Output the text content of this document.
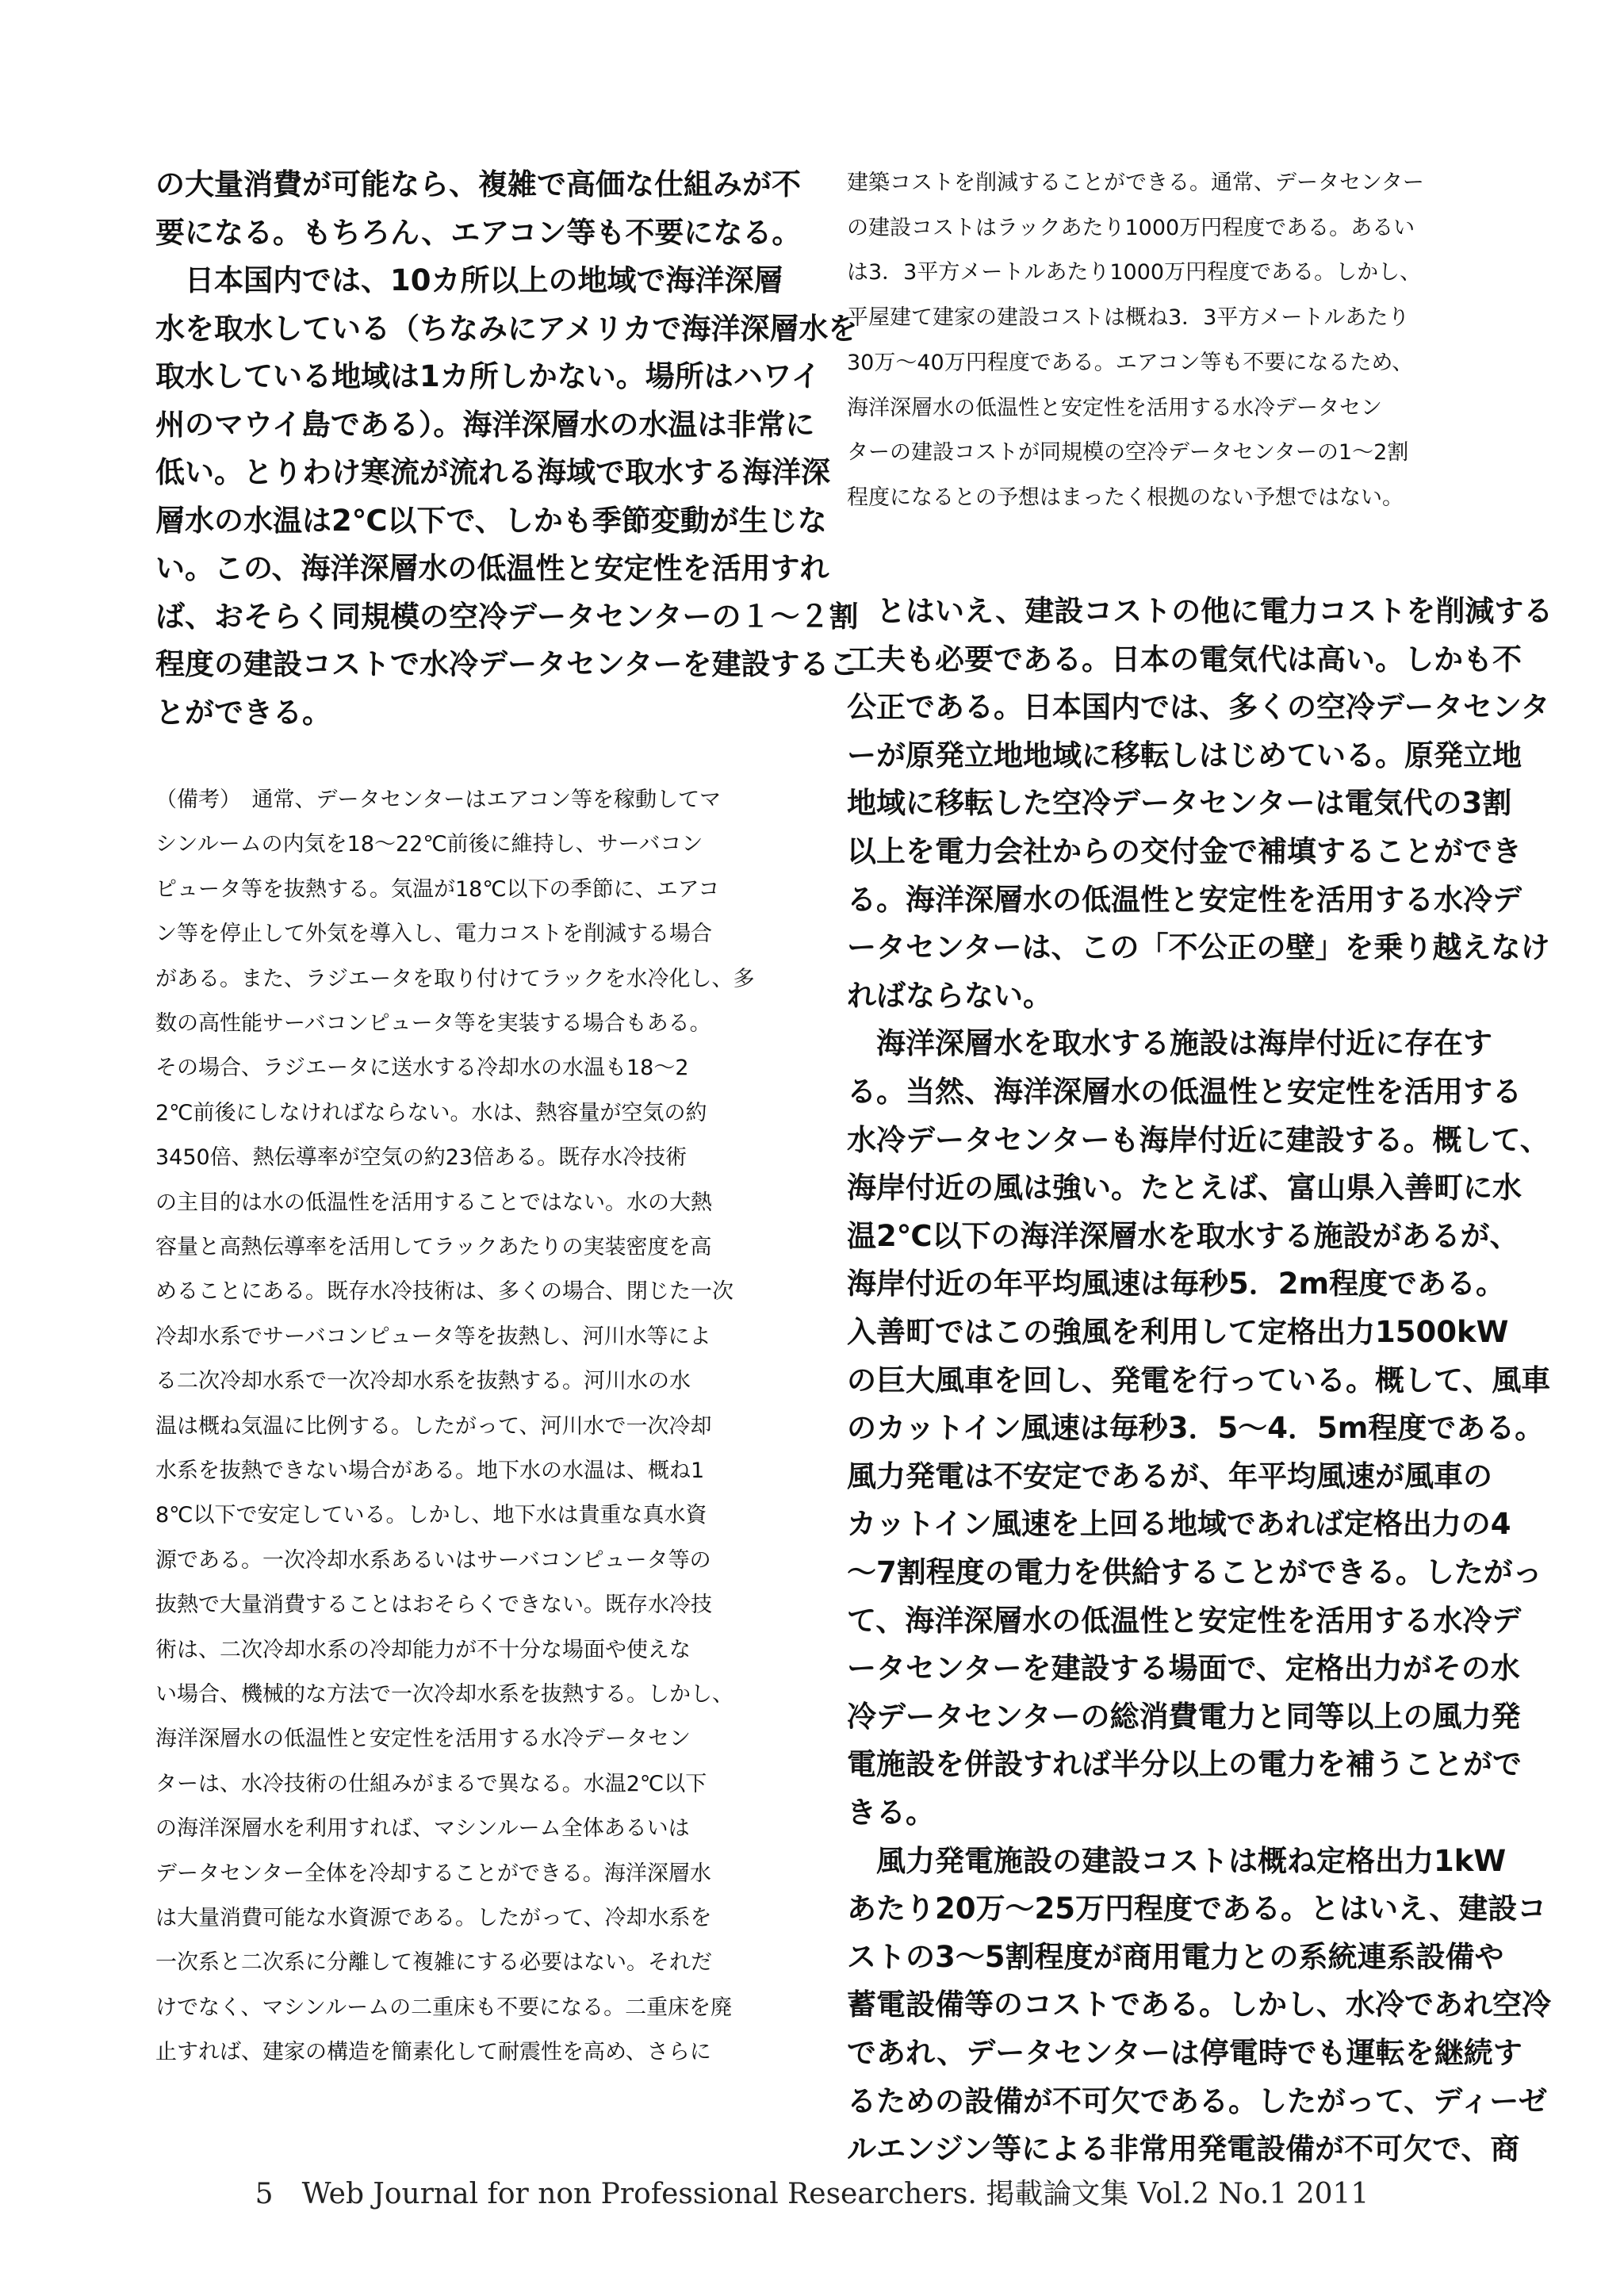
の大量消費が可能なら、複雑で高価な仕組みが不
要になる。もちろん、エアコン等も不要になる。
　日本国内では、10カ所以上の地域で海洋深層
水を取水している（ちなみにアメリカで海洋深層水を
取水している地域は1カ所しかない。場所はハワイ
州のマウイ島である）。海洋深層水の水温は非常に
低い。とりわけ寒流が流れる海域で取水する海洋深
層水の水温は2℃以下で、しかも季節変動が生じな
い。この、海洋深層水の低温性と安定性を活用すれ
ば、おそらく同規模の空冷データセンターの１～２割
程度の建設コストで水冷データセンターを建設するこ
とができる。
（備考）　通常、データセンターはエアコン等を稼動してマ
シンルームの内気を18～22℃前後に維持し、サーバコン
ピュータ等を抜熱する。気温が18℃以下の季節に、エアコ
ン等を停止して外気を導入し、電力コストを削減する場合
がある。また、ラジエータを取り付けてラックを水冷化し、多
数の高性能サーバコンピュータ等を実装する場合もある。
その場合、ラジエータに送水する冷却水の水温も18～2
2℃前後にしなければならない。水は、熱容量が空気の約
3450倍、熱伝導率が空気の約23倍ある。既存水冷技術
の主目的は水の低温性を活用することではない。水の大熱
容量と高熱伝導率を活用してラックあたりの実装密度を高
めることにある。既存水冷技術は、多くの場合、閉じた一次
冷却水系でサーバコンピュータ等を抜熱し、河川水等によ
る二次冷却水系で一次冷却水系を抜熱する。河川水の水
温は概ね気温に比例する。したがって、河川水で一次冷却
水系を抜熱できない場合がある。地下水の水温は、概ね1
8℃以下で安定している。しかし、地下水は貴重な真水資
源である。一次冷却水系あるいはサーバコンピュータ等の
抜熱で大量消費することはおそらくできない。既存水冷技
術は、二次冷却水系の冷却能力が不十分な場面や使えな
い場合、機械的な方法で一次冷却水系を抜熱する。しかし、
海洋深層水の低温性と安定性を活用する水冷データセン
ターは、水冷技術の仕組みがまるで異なる。水温2℃以下
の海洋深層水を利用すれば、マシンルーム全体あるいは
データセンター全体を冷却することができる。海洋深層水
は大量消費可能な水資源である。したがって、冷却水系を
一次系と二次系に分離して複雑にする必要はない。それだ
けでなく、マシンルームの二重床も不要になる。二重床を廃
止すれば、建家の構造を簡素化して耐震性を高め、さらに
建築コストを削減することができる。通常、データセンター
の建設コストはラックあたり1000万円程度である。あるい
は3．3平方メートルあたり1000万円程度である。しかし、
平屋建て建家の建設コストは概ね3．3平方メートルあたり
30万～40万円程度である。エアコン等も不要になるため、
海洋深層水の低温性と安定性を活用する水冷データセン
ターの建設コストが同規模の空冷データセンターの1～2割
程度になるとの予想はまったく根拠のない予想ではない。
　とはいえ、建設コストの他に電力コストを削減する
工夫も必要である。日本の電気代は高い。しかも不
公正である。日本国内では、多くの空冷データセンタ
ーが原発立地地域に移転しはじめている。原発立地
地域に移転した空冷データセンターは電気代の3割
以上を電力会社からの交付金で補填することができ
る。海洋深層水の低温性と安定性を活用する水冷デ
ータセンターは、この「不公正の壁」を乗り越えなけ
ればならない。
　海洋深層水を取水する施設は海岸付近に存在す
る。当然、海洋深層水の低温性と安定性を活用する
水冷データセンターも海岸付近に建設する。概して、
海岸付近の風は強い。たとえば、富山県入善町に水
温2℃以下の海洋深層水を取水する施設があるが、
海岸付近の年平均風速は毎秒5．2m程度である。
入善町ではこの強風を利用して定格出力1500kW
の巨大風車を回し、発電を行っている。概して、風車
のカットイン風速は毎秒3．5～4．5m程度である。
風力発電は不安定であるが、年平均風速が風車の
カットイン風速を上回る地域であれば定格出力の4
～7割程度の電力を供給することができる。したがっ
て、海洋深層水の低温性と安定性を活用する水冷デ
ータセンターを建設する場面で、定格出力がその水
冷データセンターの総消費電力と同等以上の風力発
電施設を併設すれば半分以上の電力を補うことがで
きる。
　風力発電施設の建設コストは概ね定格出力1kW
あたり20万～25万円程度である。とはいえ、建設コ
ストの3～5割程度が商用電力との系統連系設備や
蓄電設備等のコストである。しかし、水冷であれ空冷
であれ、データセンターは停電時でも運転を継続す
るための設備が不可欠である。したがって、ディーゼ
ルエンジン等による非常用発電設備が不可欠で、商
5　Web Journal for non Professional Researchers. 掲載論文集 Vol.2 No.1 2011
